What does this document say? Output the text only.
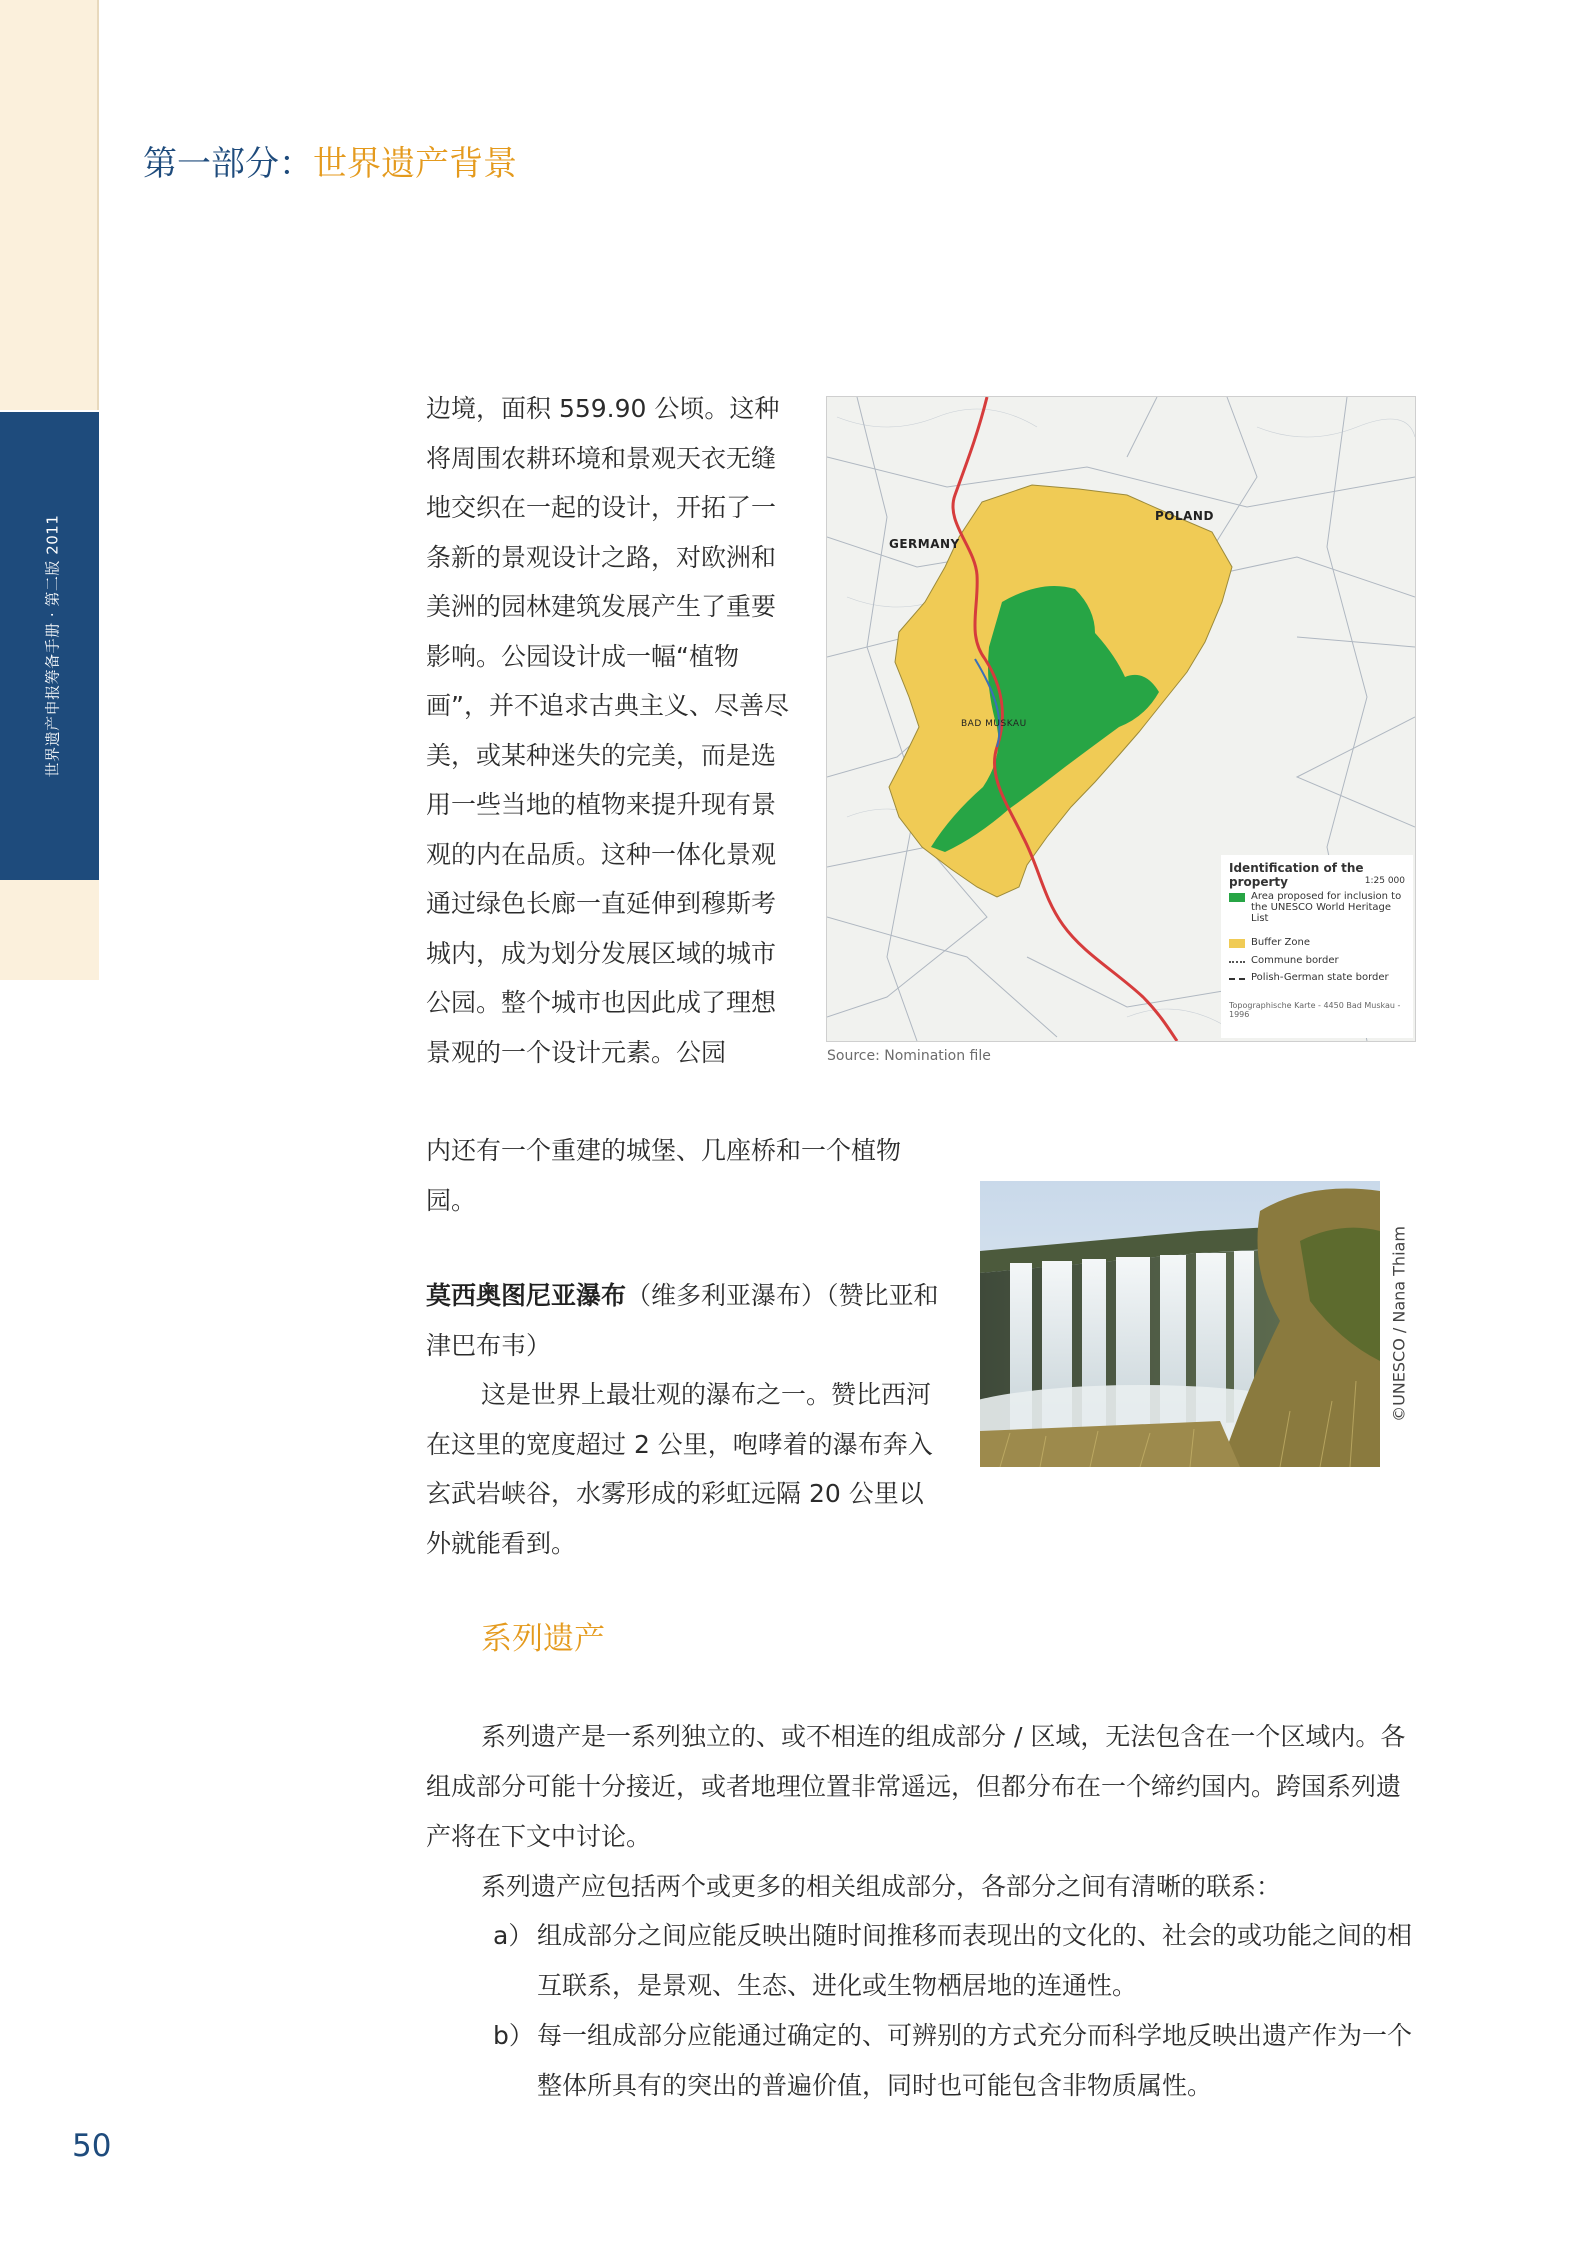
世界遗产申报筹备手册 · 第二版 2011
第一部分：世界遗产背景

边境，面积 559.90 公顷。这种将周围农耕环境和景观天衣无缝地交织在一起的设计，开拓了一条新的景观设计之路，对欧洲和美洲的园林建筑发展产生了重要影响。公园设计成一幅“植物画”，并不追求古典主义、尽善尽美，或某种迷失的完美，而是选用一些当地的植物来提升现有景观的内在品质。这种一体化景观通过绿色长廊一直延伸到穆斯考城内，成为划分发展区域的城市公园。整个城市也因此成了理想景观的一个设计元素。公园

内还有一个重建的城堡、几座桥和一个植物园。

莫西奥图尼亚瀑布（维多利亚瀑布）（赞比亚和津巴布韦）

这是世界上最壮观的瀑布之一。赞比西河在这里的宽度超过 2 公里，咆哮着的瀑布奔入玄武岩峡谷，水雾形成的彩虹远隔 20 公里以外就能看到。

系列遗产

系列遗产是一系列独立的、或不相连的组成部分 / 区域，无法包含在一个区域内。各组成部分可能十分接近，或者地理位置非常遥远，但都分布在一个缔约国内。跨国系列遗产将在下文中讨论。

系列遗产应包括两个或更多的相关组成部分，各部分之间有清晰的联系：

a） 组成部分之间应能反映出随时间推移而表现出的文化的、社会的或功能之间的相互联系，是景观、生态、进化或生物栖居地的连通性。
b） 每一组成部分应能通过确定的、可辨别的方式充分而科学地反映出遗产作为一个整体所具有的突出的普遍价值，同时也可能包含非物质属性。
GERMANY
POLAND
BAD MUSKAU
Identification of the property	1:25 000
Area proposed for inclusion to the UNESCO World Heritage List
Buffer Zone
Commune border
Polish-German state border
Topographische Karte - 4450 Bad Muskau - 1996
Source: Nomination file
©UNESCO / Nana Thiam
50
